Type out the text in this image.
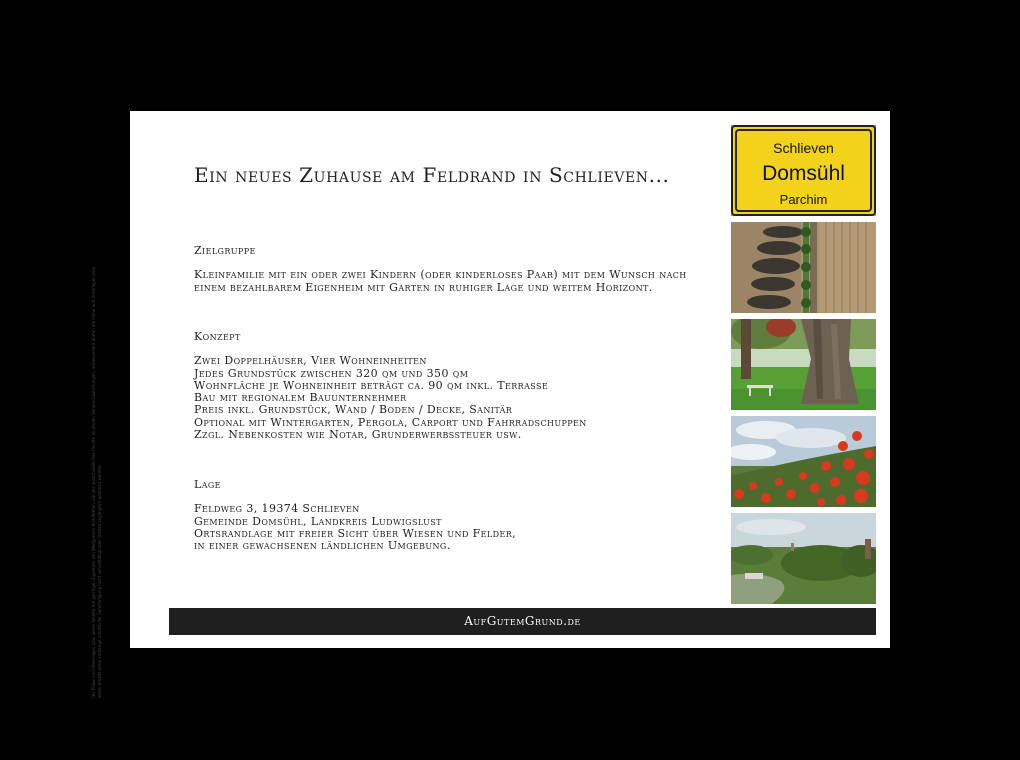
Die Pläne und Unterlagen bzw. deren Inhalte mit geistigen Eigentum von Wolfgramm Architekten, die alle ausschließlichen Rechte an diesen Veranschaulichungen, insbesondere dürfen die Pläne und Unterlagen bzw. deren Inhalte ohne vorherige schriftliche Genehmigung nicht vervielfältigt oder Dritten zugänglich gemacht werden.
Ein neues Zuhause am Feldrand in Schlieven...
Zielgruppe
Kleinfamilie mit ein oder zwei Kindern (oder kinderloses Paar) mit dem Wunsch nach
einem bezahlbarem Eigenheim mit Garten in ruhiger Lage und weitem Horizont.
Konzept
Zwei Doppelhäuser, Vier Wohneinheiten
Jedes Grundstück zwischen 320 qm und 350 qm
Wohnfläche je Wohneinheit beträgt ca. 90 qm inkl. Terrasse
Bau mit regionalem Bauunternehmer
Preis inkl. Grundstück, Wand / Boden / Decke, Sanitär
Optional mit Wintergarten, Pergola, Carport und Fahrradschuppen
Zzgl. Nebenkosten wie Notar, Grunderwerbssteuer usw.
Lage
Feldweg 3, 19374 Schlieven
Gemeinde Domsühl, Landkreis Ludwigslust
Ortsrandlage mit freier Sicht über Wiesen und Felder,
in einer gewachsenen ländlichen Umgebung.
Schlieven
Domsühl
Parchim
AufGutemGrund.de
